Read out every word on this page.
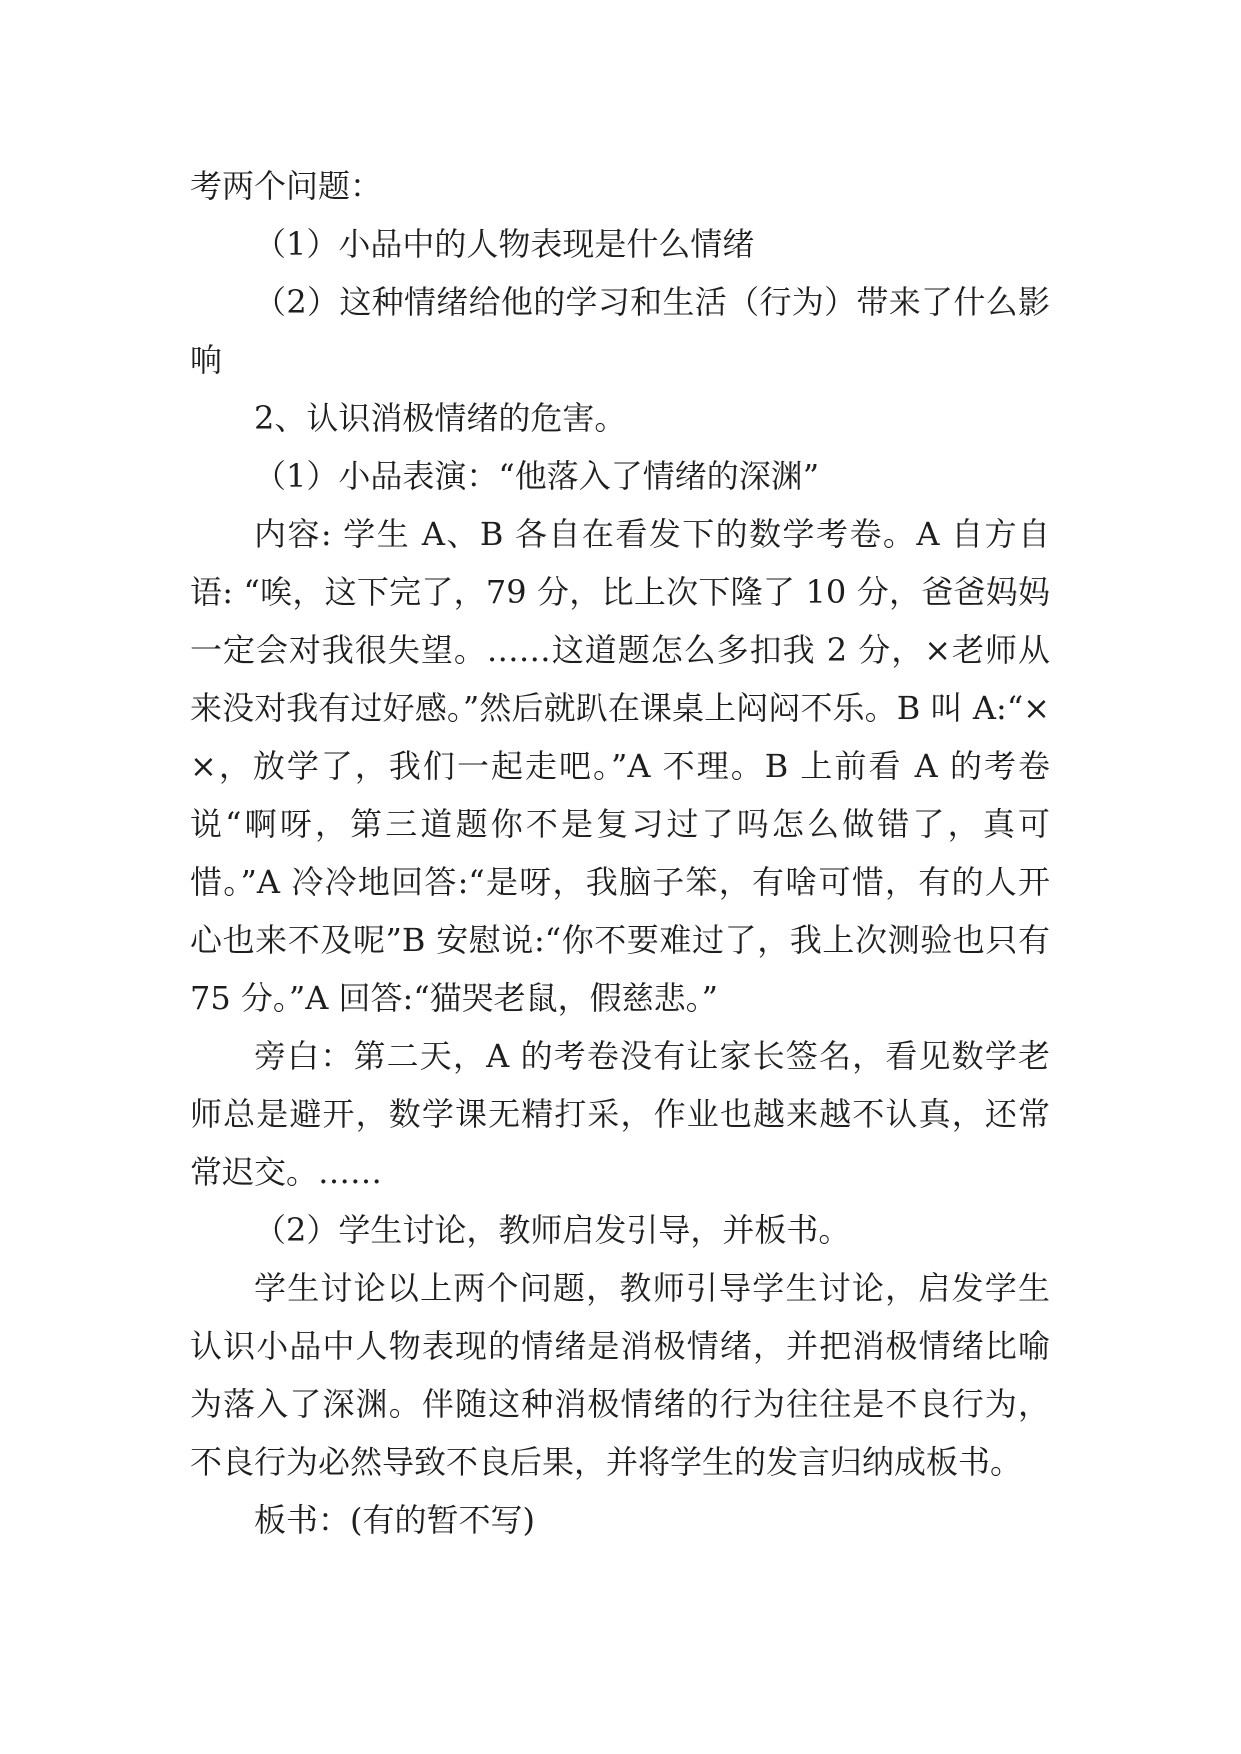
考两个问题：

（1）小品中的人物表现是什么情绪

（2）这种情绪给他的学习和生活（行为）带来了什么影响

2、认识消极情绪的危害。

（1）小品表演：“他落入了情绪的深渊”

内容: 学生 A、B 各自在看发下的数学考卷。A 自方自语: “唉，这下完了，79 分，比上次下隆了 10 分，爸爸妈妈一定会对我很失望。……这道题怎么多扣我 2 分，×老师从来没对我有过好感。”然后就趴在课桌上闷闷不乐。B 叫 A:“××，放学了，我们一起走吧。”A 不理。B 上前看 A 的考卷说“啊呀，第三道题你不是复习过了吗怎么做错了，真可惜。”A 冷冷地回答:“是呀，我脑子笨，有啥可惜，有的人开心也来不及呢”B 安慰说:“你不要难过了，我上次测验也只有 75 分。”A 回答:“猫哭老鼠，假慈悲。”

旁白：第二天，A 的考卷没有让家长签名，看见数学老师总是避开，数学课无精打采，作业也越来越不认真，还常常迟交。……

（2）学生讨论，教师启发引导，并板书。

学生讨论以上两个问题，教师引导学生讨论，启发学生认识小品中人物表现的情绪是消极情绪，并把消极情绪比喻为落入了深渊。伴随这种消极情绪的行为往往是不良行为，不良行为必然导致不良后果，并将学生的发言归纳成板书。

板书：(有的暂不写)
